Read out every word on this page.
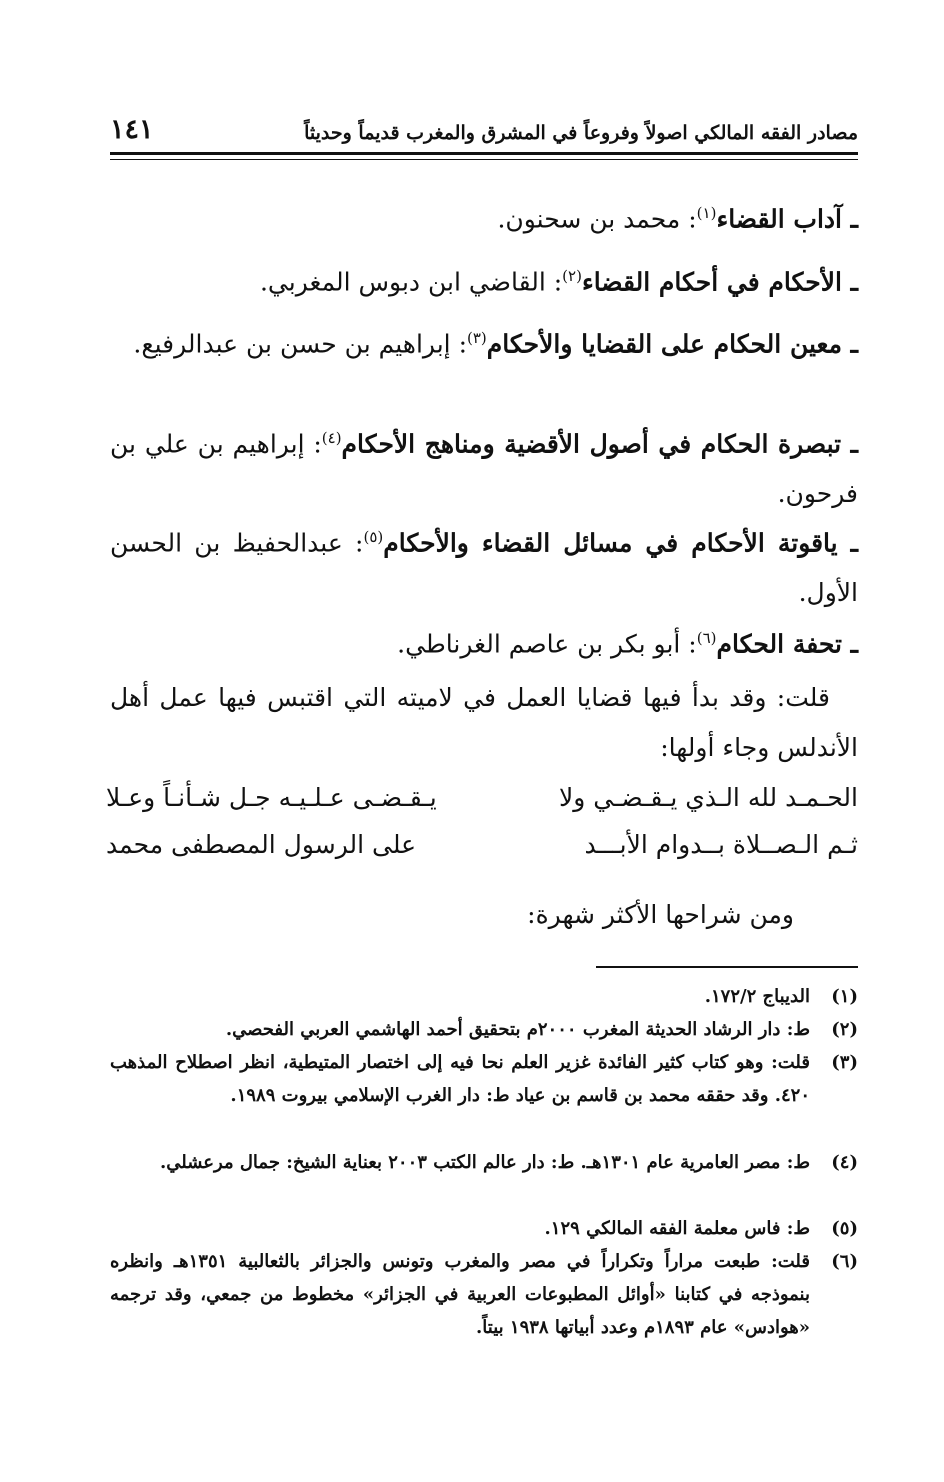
مصادر الفقه المالكي اصولاً وفروعاً في المشرق والمغرب قديماً وحديثاً
١٤١
ـ آداب القضاء$^{(١)}$: محمد بن سحنون.
ـ الأحكام في أحكام القضاء$^{(٢)}$: القاضي ابن دبوس المغربي.
ـ معين الحكام على القضايا والأحكام$^{(٣)}$: إبراهيم بن حسن بن عبدالرفيع.
ـ تبصرة الحكام في أصول الأقضية ومناهج الأحكام$^{(٤)}$: إبراهيم بن علي بن فرحون.
ـ ياقوتة الأحكام في مسائل القضاء والأحكام$^{(٥)}$: عبدالحفيظ بن الحسن الأول.
ـ تحفة الحكام$^{(٦)}$: أبو بكر بن عاصم الغرناطي.
قلت: وقد بدأ فيها قضايا العمل في لاميته التي اقتبس فيها عمل أهل الأندلس وجاء أولها:
الحـمـد لله الـذي يـقـضـي ولا
يـقـضـى عـلـيـه جـل شـأنـاً وعـلا
ثـم الـصــلاة بــدوام الأبـــد
على الرسول المصطفى محمد
ومن شراحها الأكثر شهرة:
(١)
الديباج ١٧٢/٢.
(٢)
ط: دار الرشاد الحديثة المغرب ٢٠٠٠م بتحقيق أحمد الهاشمي العربي الفحصي.
(٣)
قلت: وهو كتاب كثير الفائدة غزير العلم نحا فيه إلى اختصار المتيطية، انظر اصطلاح المذهب ٤٢٠. وقد حققه محمد بن قاسم بن عياد ط: دار الغرب الإسلامي بيروت ١٩٨٩.
(٤)
ط: مصر العامرية عام ١٣٠١هـ. ط: دار عالم الكتب ٢٠٠٣ بعناية الشيخ: جمال مرعشلي.
(٥)
ط: فاس معلمة الفقه المالكي ١٢٩.
(٦)
قلت: طبعت مراراً وتكراراً في مصر والمغرب وتونس والجزائر بالثعالبية ١٣٥١هـ وانظره بنموذجه في كتابنا «أوائل المطبوعات العربية في الجزائر» مخطوط من جمعي، وقد ترجمه «هوادس» عام ١٨٩٣م وعدد أبياتها ١٩٣٨ بيتاً.
